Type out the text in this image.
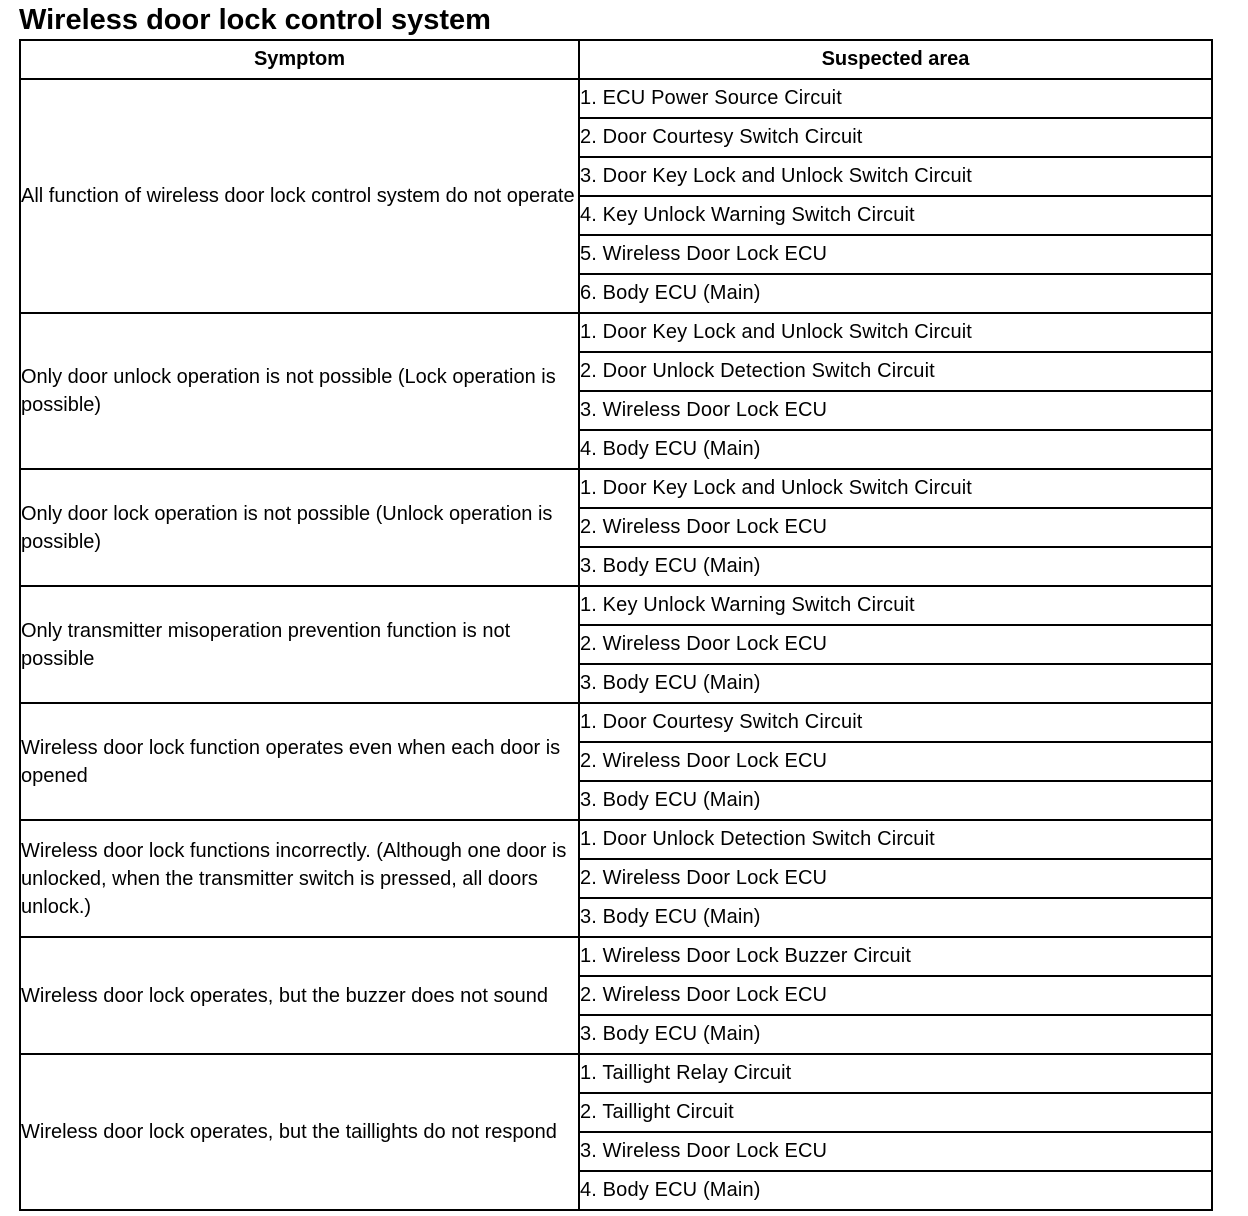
Wireless door lock control system
Symptom	Suspected area
All function of wireless door lock control system do not operate	1. ECU Power Source Circuit
	2. Door Courtesy Switch Circuit
	3. Door Key Lock and Unlock Switch Circuit
	4. Key Unlock Warning Switch Circuit
	5. Wireless Door Lock ECU
	6. Body ECU (Main)
Only door unlock operation is not possible (Lock operation is possible)	1. Door Key Lock and Unlock Switch Circuit
	2. Door Unlock Detection Switch Circuit
	3. Wireless Door Lock ECU
	4. Body ECU (Main)
Only door lock operation is not possible (Unlock operation is possible)	1. Door Key Lock and Unlock Switch Circuit
	2. Wireless Door Lock ECU
	3. Body ECU (Main)
Only transmitter misoperation prevention function is not possible	1. Key Unlock Warning Switch Circuit
	2. Wireless Door Lock ECU
	3. Body ECU (Main)
Wireless door lock function operates even when each door is opened	1. Door Courtesy Switch Circuit
	2. Wireless Door Lock ECU
	3. Body ECU (Main)
Wireless door lock functions incorrectly. (Although one door is unlocked, when the transmitter switch is pressed, all doors unlock.)	1. Door Unlock Detection Switch Circuit
	2. Wireless Door Lock ECU
	3. Body ECU (Main)
Wireless door lock operates, but the buzzer does not sound	1. Wireless Door Lock Buzzer Circuit
	2. Wireless Door Lock ECU
	3. Body ECU (Main)
Wireless door lock operates, but the taillights do not respond	1. Taillight Relay Circuit
	2. Taillight Circuit
	3. Wireless Door Lock ECU
	4. Body ECU (Main)
